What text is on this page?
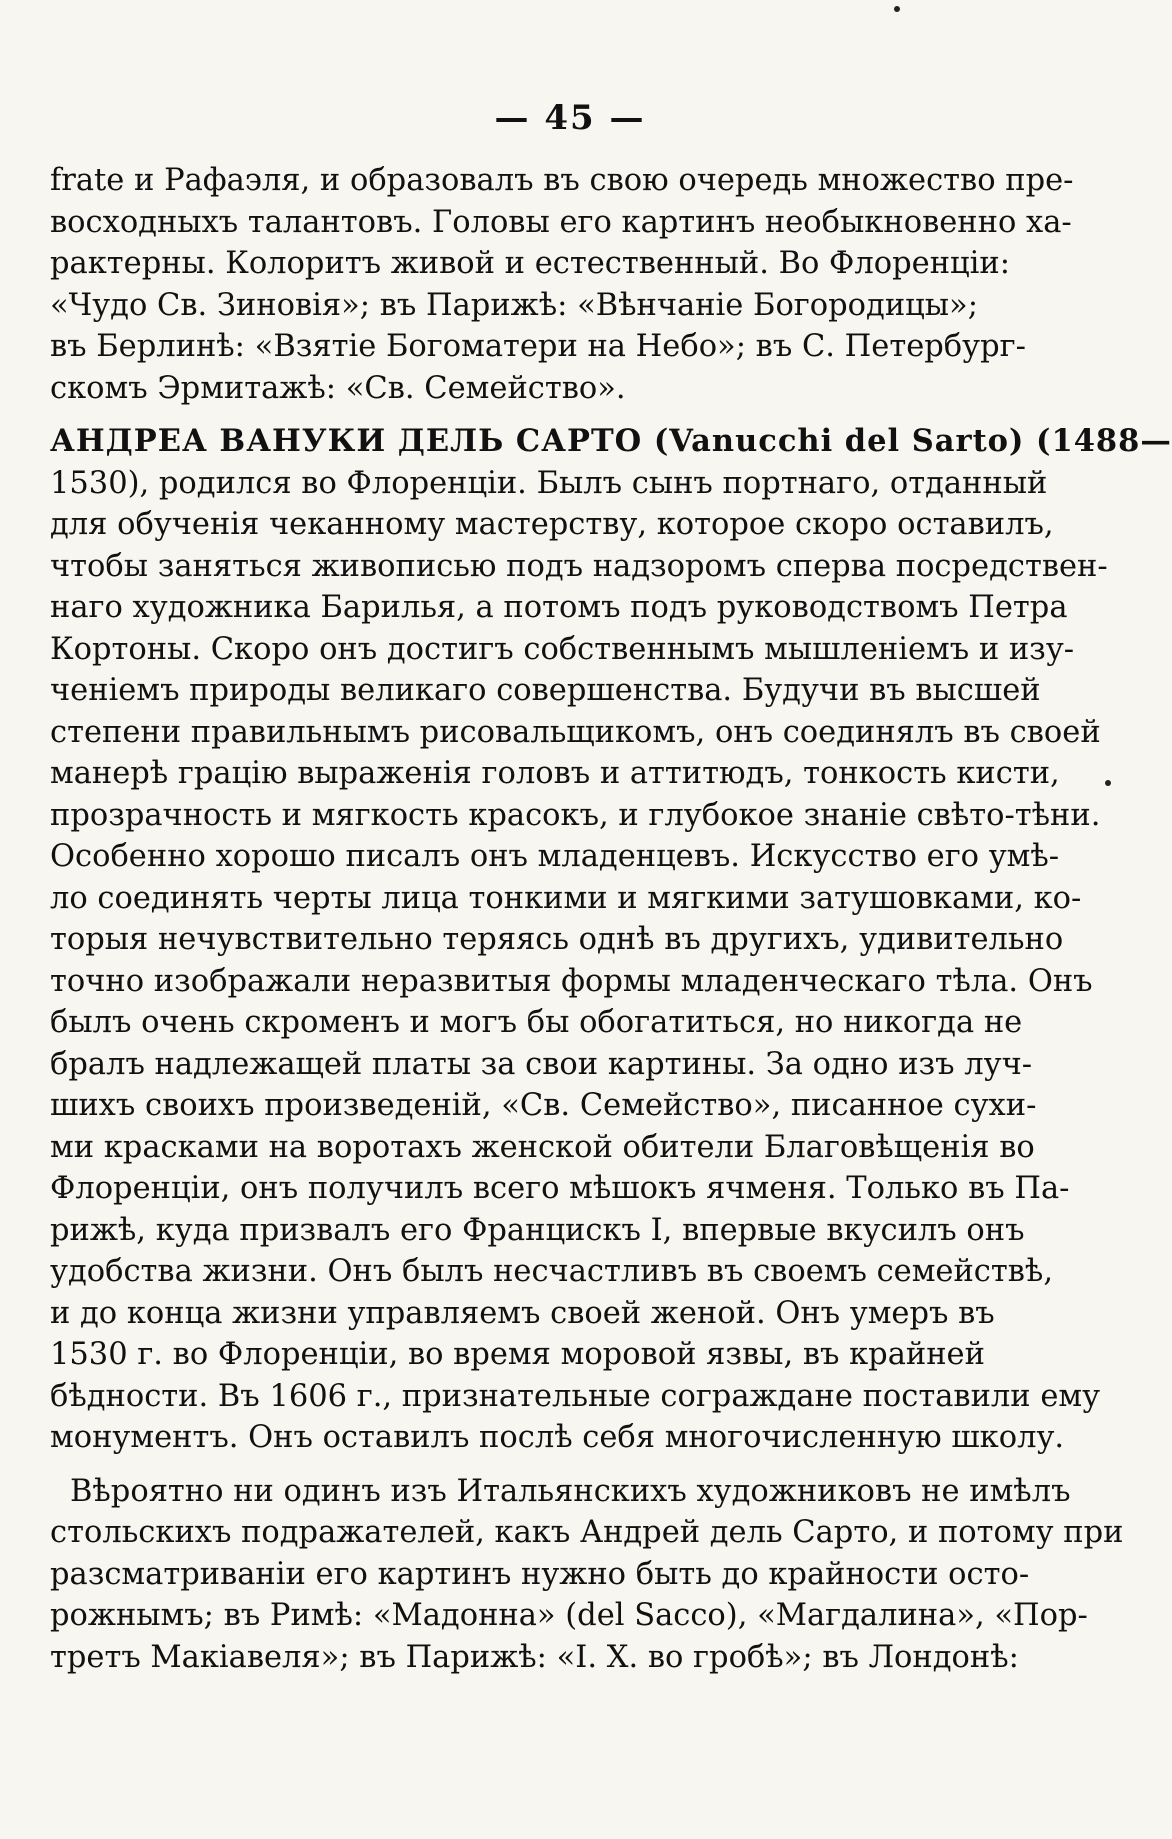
— 45 —
frate и Рафаэля, и образовалъ въ свою очередь множество пре-
восходныхъ талантовъ. Головы его картинъ необыкновенно ха-
рактерны. Колоритъ живой и естественный. Во Флоренціи:
«Чудо Св. Зиновія»; въ Парижѣ: «Вѣнчаніе Богородицы»;
въ Берлинѣ: «Взятіе Богоматери на Небо»; въ С. Петербург-
скомъ Эрмитажѣ: «Св. Семейство».
АНДРЕА ВАНУКИ ДЕЛЬ САРТО (Vanucchi del Sarto) (1488—
1530), родился во Флоренціи. Былъ сынъ портнаго, отданный
для обученія чеканному мастерству, которое скоро оставилъ,
чтобы заняться живописью подъ надзоромъ сперва посредствен-
наго художника Барилья, а потомъ подъ руководствомъ Петра
Кортоны. Скоро онъ достигъ собственнымъ мышленіемъ и изу-
ченіемъ природы великаго совершенства. Будучи въ высшей
степени правильнымъ рисовальщикомъ, онъ соединялъ въ своей
манерѣ грацію выраженія головъ и аттитюдъ, тонкость кисти,
прозрачность и мягкость красокъ, и глубокое знаніе свѣто-тѣни.
Особенно хорошо писалъ онъ младенцевъ. Искусство его умѣ-
ло соединять черты лица тонкими и мягкими затушовками, ко-
торыя нечувствительно теряясь однѣ въ другихъ, удивительно
точно изображали неразвитыя формы младенческаго тѣла. Онъ
былъ очень скроменъ и могъ бы обогатиться, но никогда не
бралъ надлежащей платы за свои картины. За одно изъ луч-
шихъ своихъ произведеній, «Св. Семейство», писанное сухи-
ми красками на воротахъ женской обители Благовѣщенія во
Флоренціи, онъ получилъ всего мѣшокъ ячменя. Только въ Па-
рижѣ, куда призвалъ его Францискъ I, впервые вкусилъ онъ
удобства жизни. Онъ былъ несчастливъ въ своемъ семействѣ,
и до конца жизни управляемъ своей женой. Онъ умеръ въ
1530 г. во Флоренціи, во время моровой язвы, въ крайней
бѣдности. Въ 1606 г., признательные сограждане поставили ему
монументъ. Онъ оставилъ послѣ себя многочисленную школу.
Вѣроятно ни одинъ изъ Итальянскихъ художниковъ не имѣлъ
стольскихъ подражателей, какъ Андрей дель Сарто, и потому при
разсматриваніи его картинъ нужно быть до крайности осто-
рожнымъ; въ Римѣ: «Мадонна» (del Sacco), «Магдалина», «Пор-
третъ Макіавеля»; въ Парижѣ: «І. Х. во гробѣ»; въ Лондонѣ:
